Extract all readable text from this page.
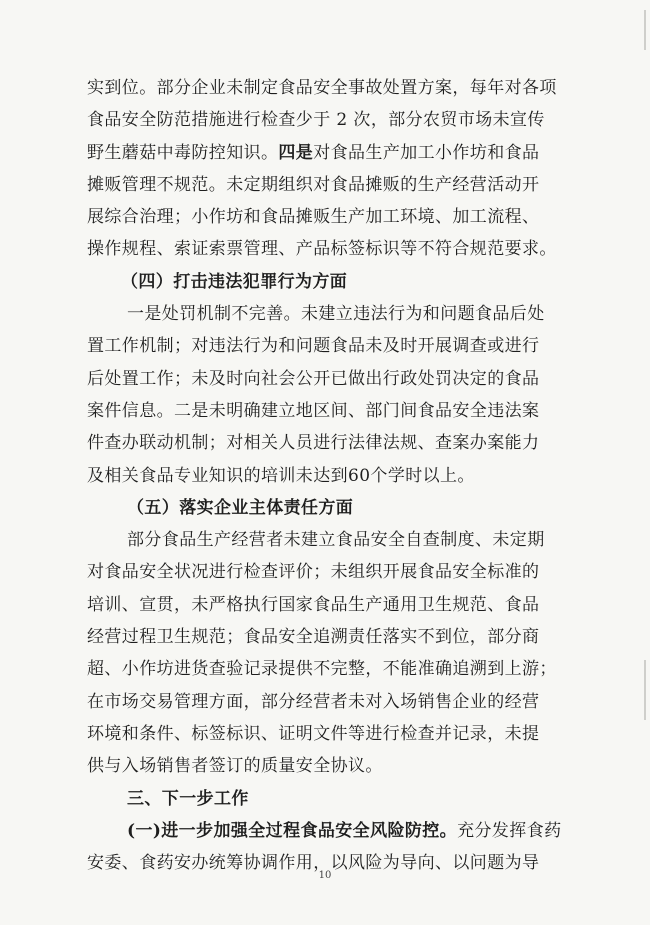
实到位。部分企业未制定食品安全事故处置方案，每年对各项
食品安全防范措施进行检查少于 2 次，部分农贸市场未宣传
野生蘑菇中毒防控知识。四是对食品生产加工小作坊和食品
摊贩管理不规范。未定期组织对食品摊贩的生产经营活动开
展综合治理；小作坊和食品摊贩生产加工环境、加工流程、
操作规程、索证索票管理、产品标签标识等不符合规范要求。
（四）打击违法犯罪行为方面
一是处罚机制不完善。未建立违法行为和问题食品后处
置工作机制；对违法行为和问题食品未及时开展调查或进行
后处置工作；未及时向社会公开已做出行政处罚决定的食品
案件信息。二是未明确建立地区间、部门间食品安全违法案
件查办联动机制；对相关人员进行法律法规、查案办案能力
及相关食品专业知识的培训未达到60个学时以上。
（五）落实企业主体责任方面
部分食品生产经营者未建立食品安全自查制度、未定期
对食品安全状况进行检查评价；未组织开展食品安全标准的
培训、宣贯，未严格执行国家食品生产通用卫生规范、食品
经营过程卫生规范；食品安全追溯责任落实不到位，部分商
超、小作坊进货查验记录提供不完整，不能准确追溯到上游；
在市场交易管理方面，部分经营者未对入场销售企业的经营
环境和条件、标签标识、证明文件等进行检查并记录，未提
供与入场销售者签订的质量安全协议。
三、下一步工作
(一)进一步加强全过程食品安全风险防控。充分发挥食药
安委、食药安办统筹协调作用，以风险为导向、以问题为导
10
